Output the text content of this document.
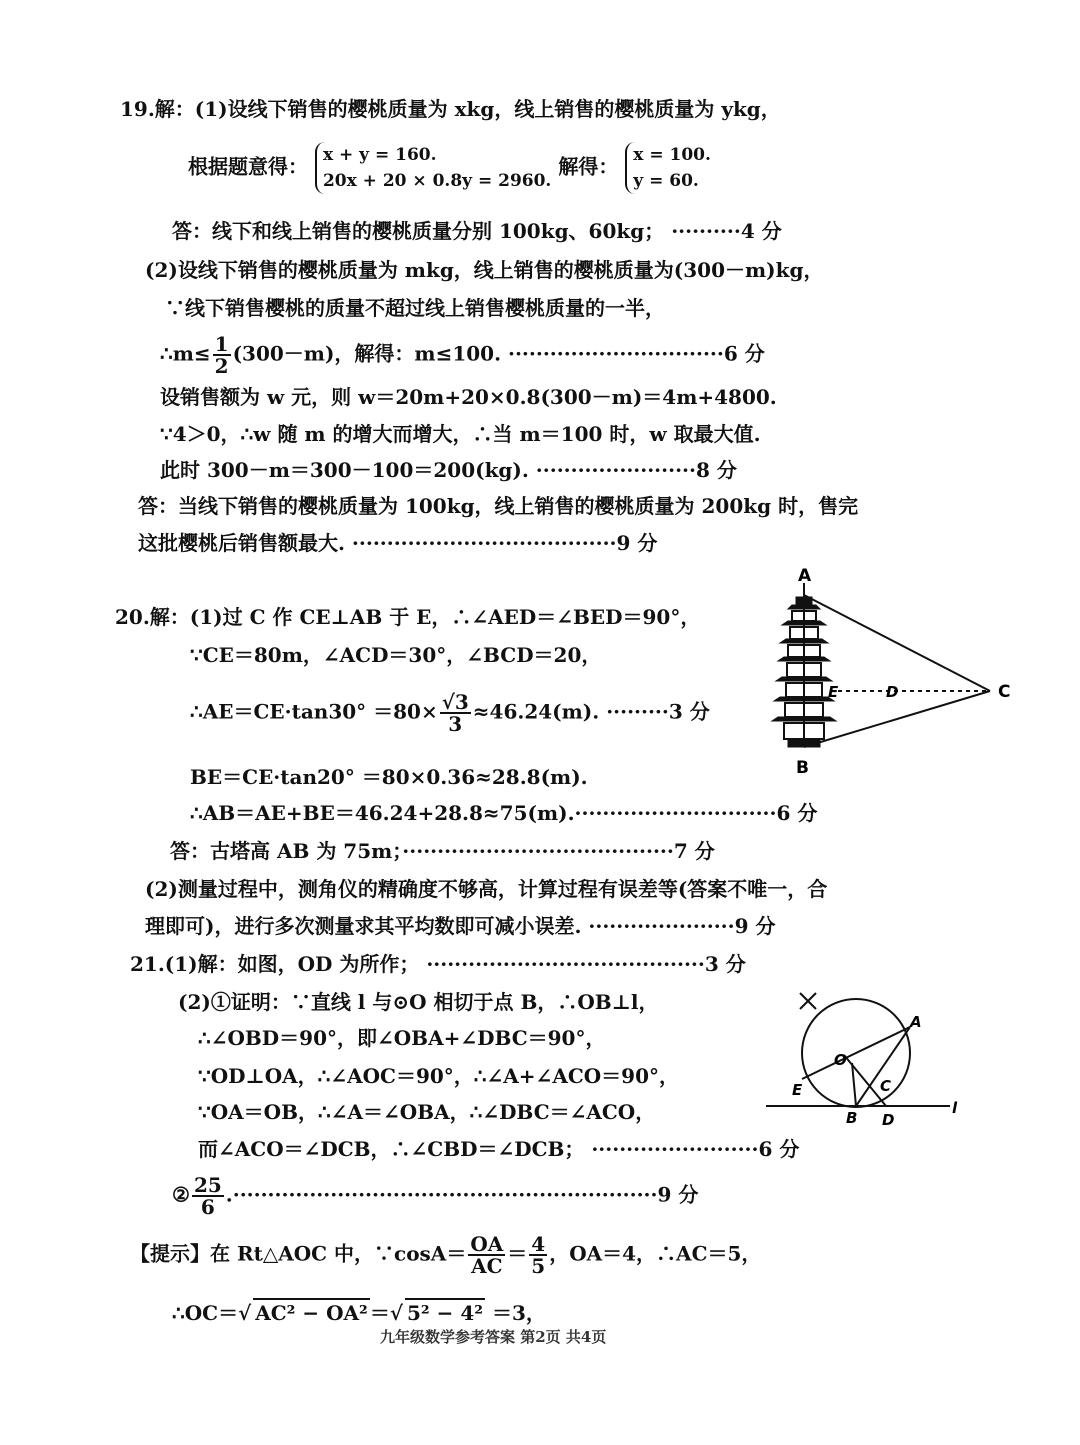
19.解：(1)设线下销售的樱桃质量为 xkg，线上销售的樱桃质量为 ykg，
根据题意得： x + y = 160.
20x + 20 × 0.8y = 2960.
解得： x = 100.
y = 60.
答：线下和线上销售的樱桃质量分别 100kg、60kg； ··········4 分
(2)设线下销售的樱桃质量为 mkg，线上销售的樱桃质量为(300－m)kg，
∵线下销售樱桃的质量不超过线上销售樱桃质量的一半，
∴m≤ $\frac{1}{2} (300-m)$，解得：m≤100. ·······························6 分
设销售额为 w 元，则 w＝20m+20×0.8(300－m)＝4m+4800.
∵4＞0，∴w 随 m 的增大而增大，∴当 m＝100 时，w 取最大值.
此时 300－m＝300－100＝200(kg). ·······················8 分
答：当线下销售的樱桃质量为 100kg，线上销售的樱桃质量为 200kg 时，售完
这批樱桃后销售额最大. ······································9 分
20.解：(1)过 C 作 CE⊥AB 于 E，∴∠AED＝∠BED＝90°，
∵CE＝80m，∠ACD＝30°，∠BCD＝20，
∴AE＝CE·tan30° $=80\times \frac{√3}{3} \approx 46.24(m)$. ·········3 分
BE＝CE·tan20° ＝80×0.36≈28.8(m).
∴AB＝AE+BE＝46.24+28.8≈75(m).·····························6 分
答：古塔高 AB 为 75m；·······································7 分
(2)测量过程中，测角仪的精确度不够高，计算过程有误差等(答案不唯一，合
理即可)，进行多次测量求其平均数即可减小误差. ·····················9 分
A
B
C
D
E
21.(1)解：如图，OD 为所作； ········································3 分
(2)①证明：∵直线 l 与⊙O 相切于点 B，∴OB⊥l，
∴∠OBD＝90°，即∠OBA+∠DBC＝90°，
∵OD⊥OA，∴∠AOC＝90°，∴∠A+∠ACO＝90°，
∵OA＝OB，∴∠A＝∠OBA，∴∠DBC＝∠ACO，
而∠ACO＝∠DCB，∴∠CBD＝∠DCB； ························6 分
② $\frac{25}{6} .\cdot\cdot\cdot\cdot\cdot\cdot\cdot\cdot\cdot\cdot\cdot\cdot\cdot\cdot\cdot\cdot\cdot\cdot\cdot\cdot\cdot\cdot\cdot\cdot\cdot\cdot\cdot\cdot\cdot\cdot\cdot\cdot\cdot\cdot\cdot\cdot\cdot\cdot\cdot\cdot\cdot\cdot\cdot\cdot\cdot\cdot\cdot\cdot\cdot\cdot\cdot\cdot\cdot\cdot\cdot\cdot\cdot\cdot\cdot\cdot\cdot 9$ 分
【提示】在 Rt△AOC 中，∵cosA＝ $\frac{OA}{AC} = \frac{4}{5}$ ，OA＝4，∴AC＝5，
∴OC＝√ AC² − OA² ＝√ 5² − 4² ＝3，
A
B
C
D
E
O
l
九年级数学参考答案 第2页 共4页
